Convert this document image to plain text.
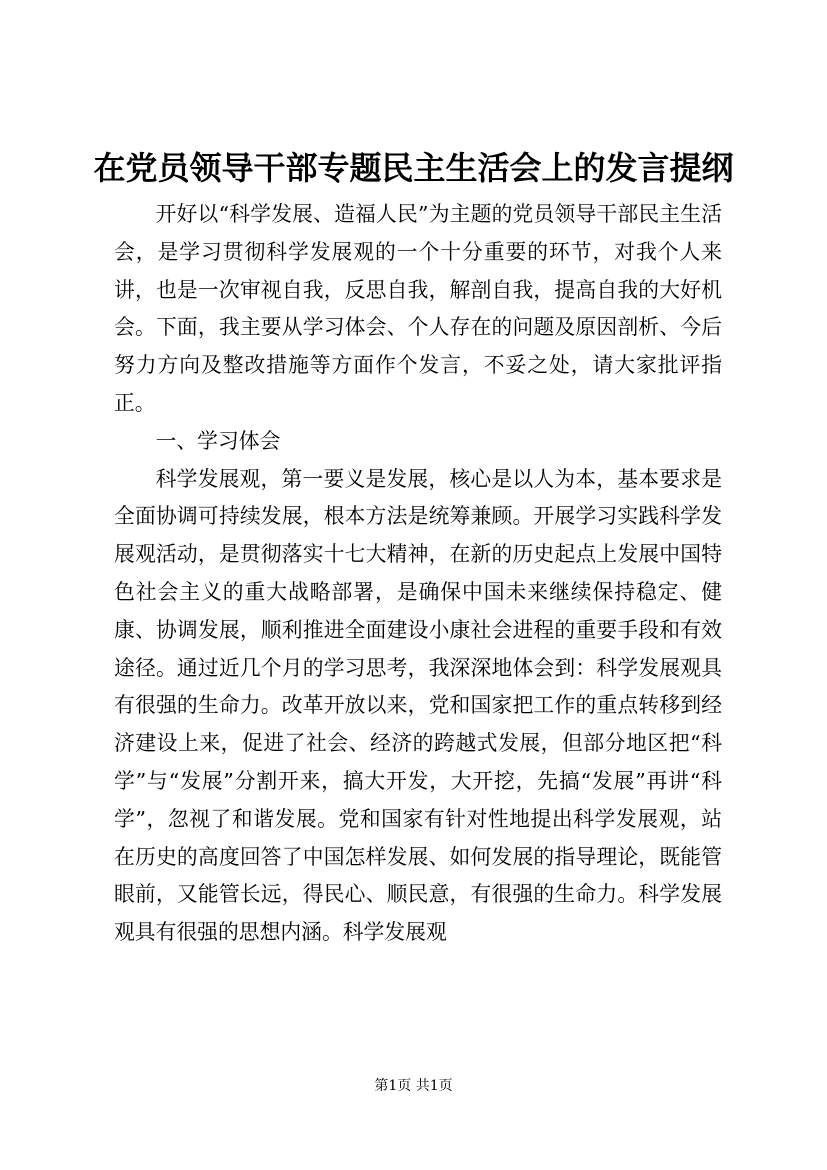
在党员领导干部专题民主生活会上的发言提纲

开好以“科学发展、造福人民”为主题的党员领导干部民主生活会，是学习贯彻科学发展观的一个十分重要的环节，对我个人来讲，也是一次审视自我，反思自我，解剖自我，提高自我的大好机会。下面，我主要从学习体会、个人存在的问题及原因剖析、今后努力方向及整改措施等方面作个发言，不妥之处，请大家批评指正。

一、学习体会

科学发展观，第一要义是发展，核心是以人为本，基本要求是全面协调可持续发展，根本方法是统筹兼顾。开展学习实践科学发展观活动，是贯彻落实十七大精神，在新的历史起点上发展中国特色社会主义的重大战略部署，是确保中国未来继续保持稳定、健康、协调发展，顺利推进全面建设小康社会进程的重要手段和有效途径。通过近几个月的学习思考，我深深地体会到：科学发展观具有很强的生命力。改革开放以来，党和国家把工作的重点转移到经济建设上来，促进了社会、经济的跨越式发展，但部分地区把“科学”与“发展”分割开来，搞大开发，大开挖，先搞“发展”再讲“科学”，忽视了和谐发展。党和国家有针对性地提出科学发展观，站在历史的高度回答了中国怎样发展、如何发展的指导理论，既能管眼前，又能管长远，得民心、顺民意，有很强的生命力。科学发展观具有很强的思想内涵。科学发展观

第1页 共1页
